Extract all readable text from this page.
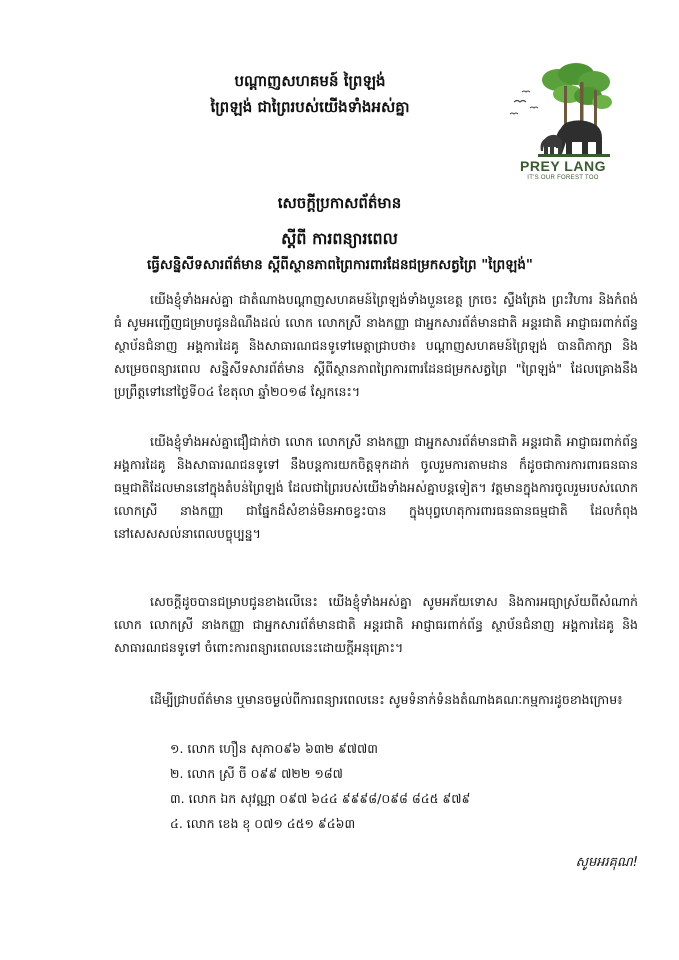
បណ្ដាញសហគមន៍ ព្រៃឡង់

ព្រៃឡង់ ជាព្រៃរបស់យើងទាំងអស់គ្នា

PREY LANG

IT'S OUR FOREST TOO

សេចក្តីប្រកាសព័ត៌មាន

ស្តីពី ការពន្យារពេល

ធ្វើសន្និសីទសារព័ត៌មាន ស្តីពីស្ថានភាពព្រៃការពារដែនជម្រកសត្វព្រៃ "ព្រៃឡង់"

យើងខ្ញុំទាំងអស់គ្នា ជាតំណាងបណ្តាញសហគមន៍ព្រៃឡង់ទាំងបួនខេត្ត ក្រចេះ ស្ទឹងត្រែង ព្រះវិហារ និងកំពង់ធំ សូមអញ្ជើញជម្រាបជូនដំណឹងដល់ លោក លោកស្រី នាងកញ្ញា ជាអ្នកសារព័ត៌មានជាតិ អន្តរជាតិ អាជ្ញាធរពាក់ព័ន្ធ ស្ថាប័នជំនាញ អង្គការដៃគូ និងសាធារណជនទូទៅមេត្តាជ្រាបថា៖ បណ្តាញសហគមន៍ព្រៃឡង់ បានពិភាក្សា និងសម្រេចពន្យារពេល សន្និសីទសារព័ត៌មាន ស្តីពីស្ថានភាពព្រៃការពារដែនជម្រកសត្វព្រៃ "ព្រៃឡង់" ដែលគ្រោងនឹងប្រព្រឹត្តទៅនៅថ្ងៃទី០៤ ខែតុលា ឆ្នាំ២០១៨ ស្អែកនេះ។

យើងខ្ញុំទាំងអស់គ្នាជឿជាក់ថា លោក លោកស្រី នាងកញ្ញា ជាអ្នកសារព័ត៌មានជាតិ អន្តរជាតិ អាជ្ញាធរពាក់ព័ន្ធ អង្គការដៃគូ និងសាធារណជនទូទៅ នឹងបន្តការយកចិត្តទុកដាក់ ចូលរួមការតាមដាន ក៏ដូចជាការការពារធនធានធម្មជាតិដែលមាននៅក្នុងតំបន់ព្រៃឡង់ ដែលជាព្រៃរបស់យើងទាំងអស់គ្នាបន្តទៀត។ វត្តមានក្នុងការចូលរួមរបស់លោក លោកស្រី នាងកញ្ញា ជាផ្នែកដ៏សំខាន់មិនអាចខ្វះបាន ក្នុងបុព្វហេតុការពារធនធានធម្មជាតិ ដែលកំពុងនៅសេសសល់នាពេលបច្ចុប្បន្ន។

សេចក្តីដូចបានជម្រាបជូនខាងលើនេះ យើងខ្ញុំទាំងអស់គ្នា សូមអភ័យទោស និងការអធ្យាស្រ័យពីសំណាក់ លោក លោកស្រី នាងកញ្ញា ជាអ្នកសារព័ត៌មានជាតិ អន្តរជាតិ អាជ្ញាធរពាក់ព័ន្ធ ស្ថាប័នជំនាញ អង្គការដៃគូ និងសាធារណជនទូទៅ ចំពោះការពន្យារពេលនេះដោយក្តីអនុគ្រោះ។

ដើម្បីជ្រាបព័ត៌មាន ឬមានចម្ងល់ពីការពន្យារពេលនេះ សូមទំនាក់ទំនងតំណាងគណៈកម្មការដូចខាងក្រោម៖

១. លោក ហឿន សុភា០៩៦ ៦៣២ ៩៧៧៣
២. លោក ស្រី ចី ០៩៩ ៧២២ ១៨៧
៣. លោក ឯក សុវណ្ណា ០៩៧ ៦៤៤ ៩៩៩៨/០៩៨ ៨៤៥ ៩៧៩
៤. លោក ខេង ខុ ០៧១ ៤៥១ ៩៤៦៣

សូមអរគុណ!
